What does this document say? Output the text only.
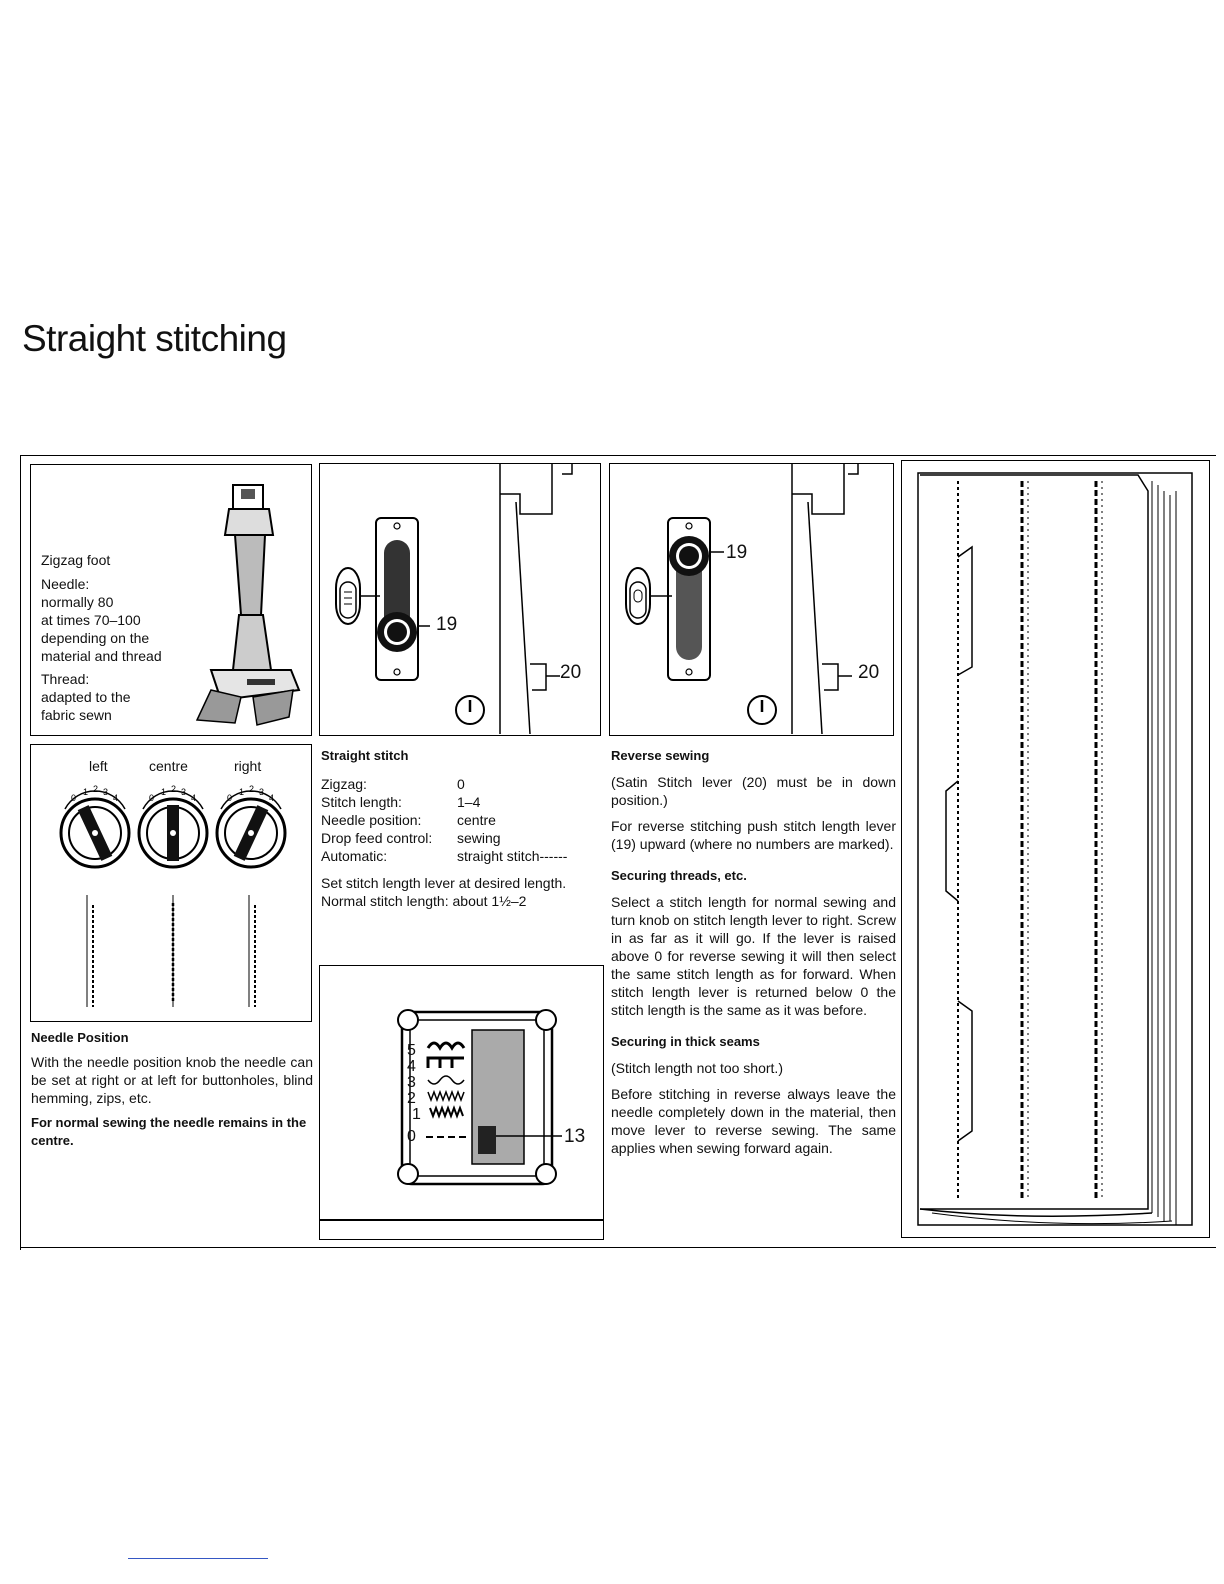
Straight stitching
Zigzag foot
Needle:
normally 80
at times 70–100
depending on the
material and thread
Thread:
adapted to the
fabric sewn
left	centre	right
0
1 2 3
4	0
1 2 3
4	0
1 2 3
4
Needle Position
With the needle position knob the needle can be set at right or at left for buttonholes, blind hemming, zips, etc.
For normal sewing the needle remains in the centre.
19
20
19
20
Straight stitch
Zigzag:	0
Stitch length:	1–4
Needle position:	centre
Drop feed control:	sewing
Automatic:	straight stitch------
Set stitch length lever at desired length.
Normal stitch length: about 1½–2
5
4
3
2
1
0	13
Reverse sewing
(Satin Stitch lever (20) must be in down position.)
For reverse stitching push stitch length lever (19) upward (where no numbers are marked).
Securing threads, etc.
Select a stitch length for normal sewing and turn knob on stitch length lever to right. Screw in as far as it will go. If the lever is raised above 0 for reverse sewing it will then select the same stitch length as for forward. When stitch length lever is returned below 0 the stitch length is the same as it was before.
Securing in thick seams
(Stitch length not too short.)
Before stitching in reverse always leave the needle completely down in the material, then move lever to reverse sewing. The same applies when sewing forward again.
